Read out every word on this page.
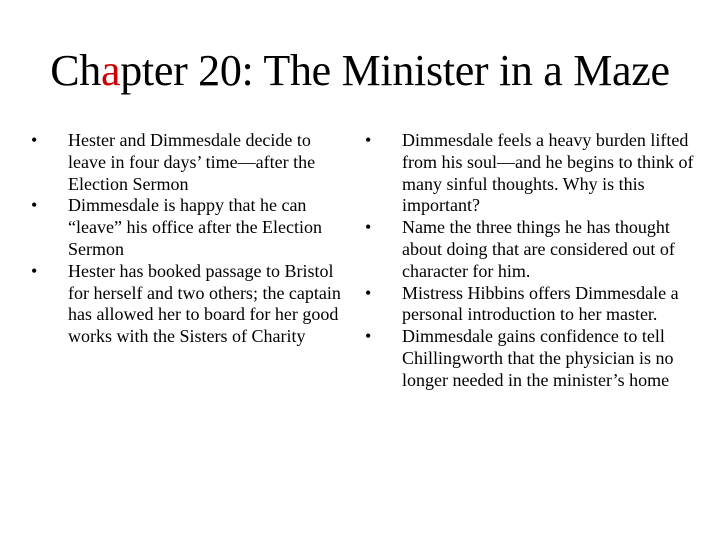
Chapter 20: The Minister in a Maze
• Hester and Dimmesdale decide to leave in four days’ time—after the Election Sermon
• Dimmesdale is happy that he can “leave” his office after the Election Sermon
• Hester has booked passage to Bristol for herself and two others; the captain has allowed her to board for her good works with the Sisters of Charity
• Dimmesdale feels a heavy burden lifted from his soul—and he begins to think of many sinful thoughts. Why is this important?
• Name the three things he has thought about doing that are considered out of character for him.
• Mistress Hibbins offers Dimmesdale a personal introduction to her master.
• Dimmesdale gains confidence to tell Chillingworth that the physician is no longer needed in the minister’s home
